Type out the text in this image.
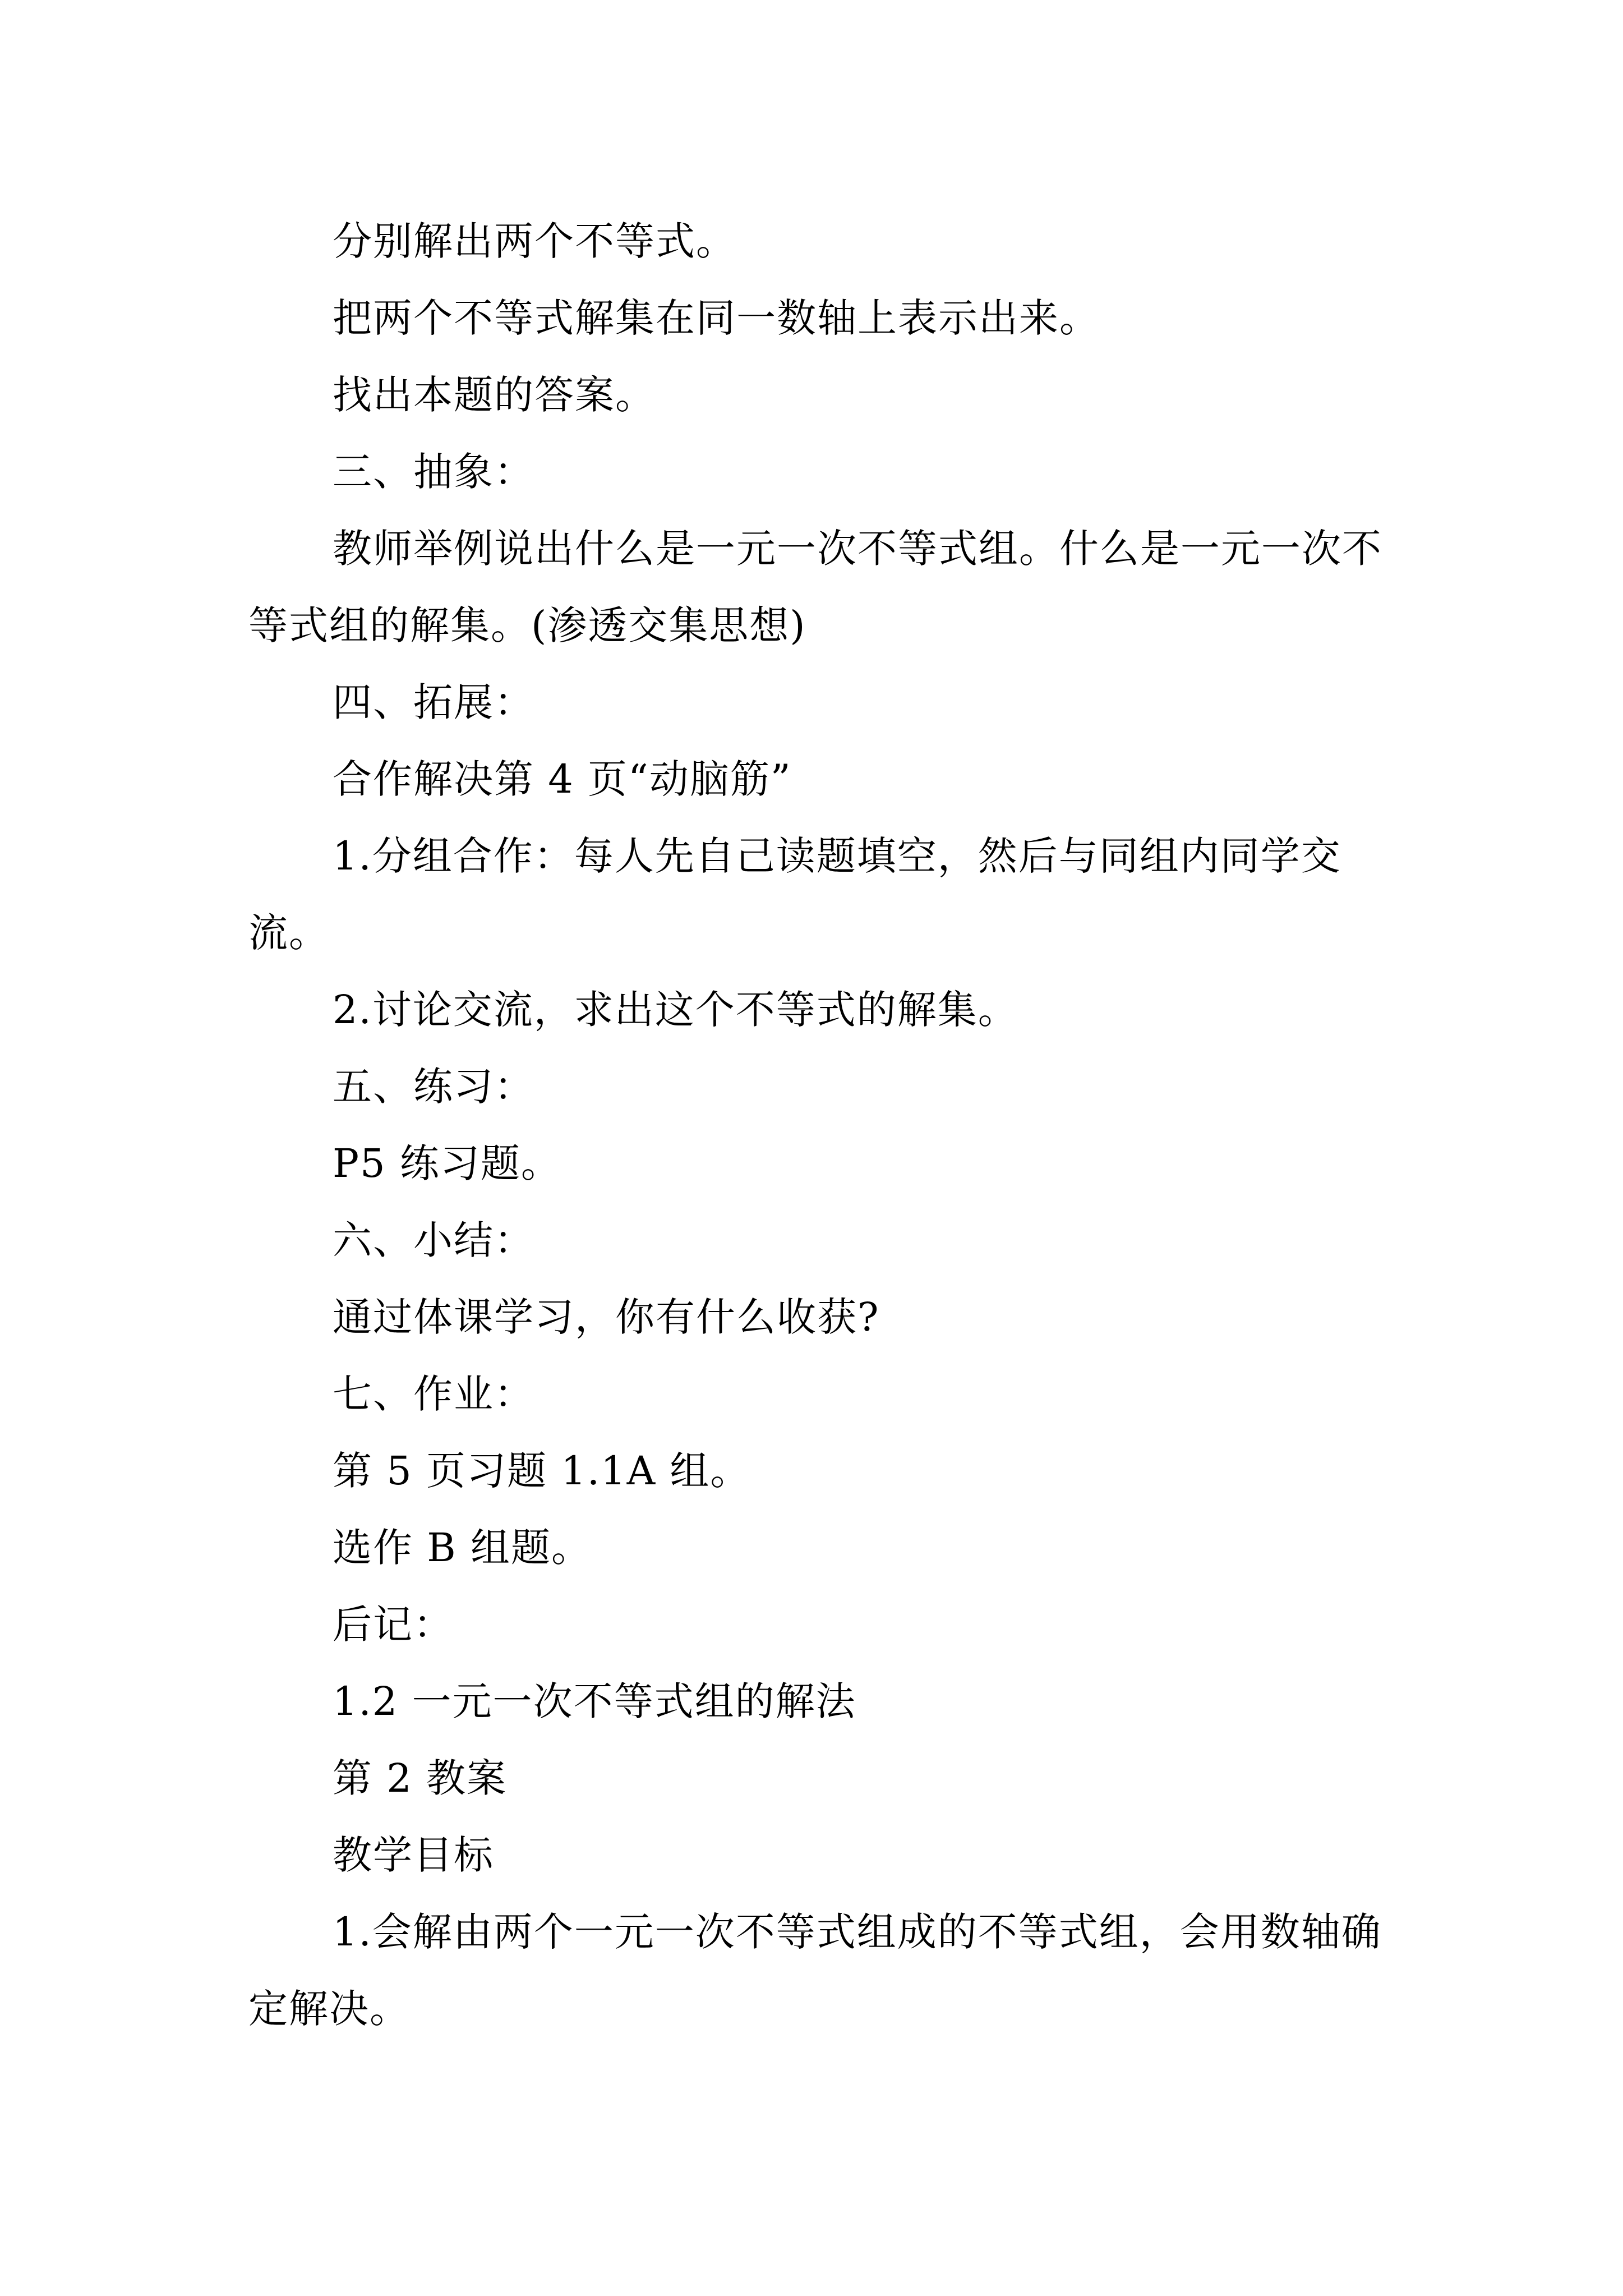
分别解出两个不等式。

把两个不等式解集在同一数轴上表示出来。

找出本题的答案。

三、抽象：

教师举例说出什么是一元一次不等式组。什么是一元一次不等式组的解集。(渗透交集思想)

四、拓展：

合作解决第 4 页“动脑筋”

1.分组合作：每人先自己读题填空，然后与同组内同学交流。

2.讨论交流，求出这个不等式的解集。

五、练习：

P5 练习题。

六、小结：

通过体课学习，你有什么收获?

七、作业：

第 5 页习题 1.1A 组。

选作 B 组题。

后记：

1.2 一元一次不等式组的解法

第 2 教案

教学目标

1.会解由两个一元一次不等式组成的不等式组，会用数轴确定解决。
